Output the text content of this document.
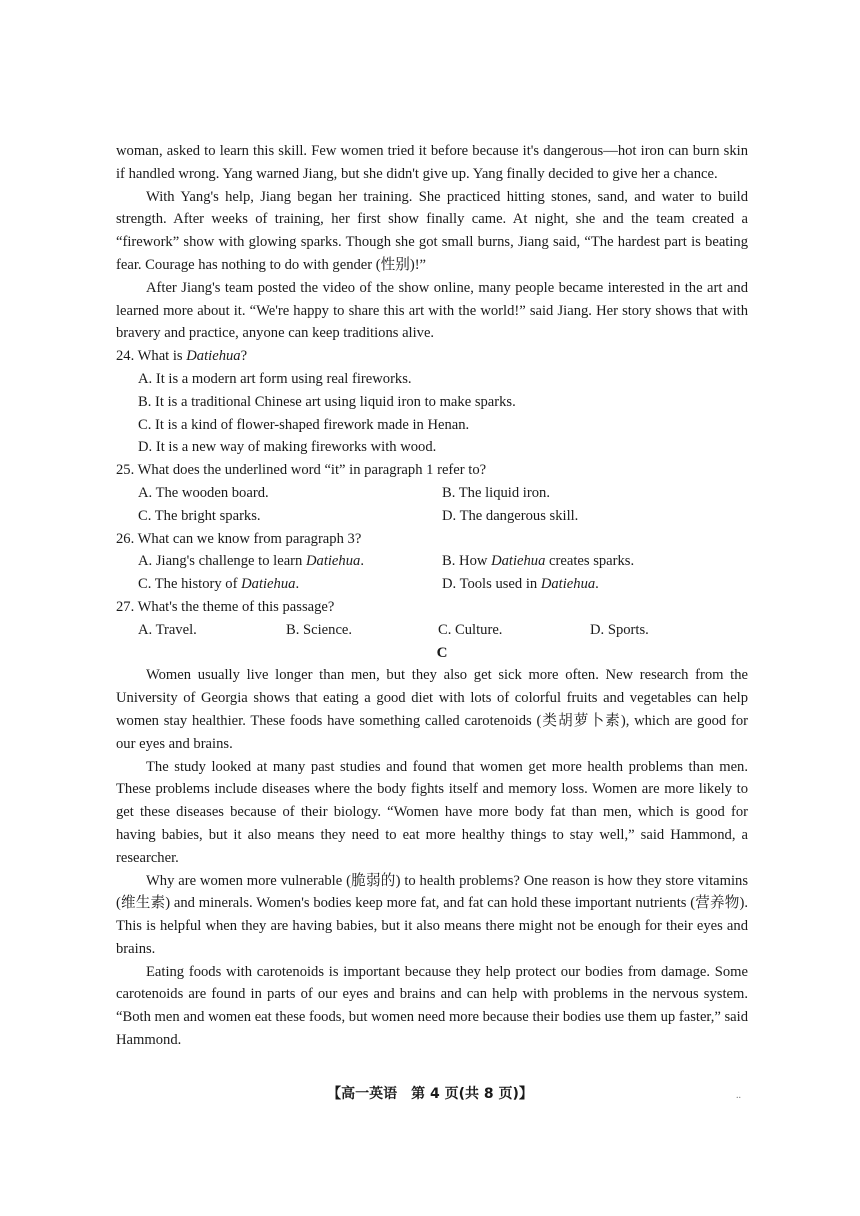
woman, asked to learn this skill. Few women tried it before because it's dangerous—hot iron can burn skin if handled wrong. Yang warned Jiang, but she didn't give up. Yang finally decided to give her a chance.

With Yang's help, Jiang began her training. She practiced hitting stones, sand, and water to build strength. After weeks of training, her first show finally came. At night, she and the team created a “firework” show with glowing sparks. Though she got small burns, Jiang said, “The hardest part is beating fear. Courage has nothing to do with gender (性别)!”

After Jiang's team posted the video of the show online, many people became interested in the art and learned more about it. “We're happy to share this art with the world!” said Jiang. Her story shows that with bravery and practice, anyone can keep traditions alive.

24. What is Datiehua?
A. It is a modern art form using real fireworks.
B. It is a traditional Chinese art using liquid iron to make sparks.
C. It is a kind of flower-shaped firework made in Henan.
D. It is a new way of making fireworks with wood.
25. What does the underlined word “it” in paragraph 1 refer to?
A. The wooden board.	B. The liquid iron.
C. The bright sparks.	D. The dangerous skill.
26. What can we know from paragraph 3?
A. Jiang's challenge to learn Datiehua.	B. How Datiehua creates sparks.
C. The history of Datiehua.	D. Tools used in Datiehua.
27. What's the theme of this passage?
A. Travel.	B. Science.	C. Culture.	D. Sports.
C

Women usually live longer than men, but they also get sick more often. New research from the University of Georgia shows that eating a good diet with lots of colorful fruits and vegetables can help women stay healthier. These foods have something called carotenoids (类胡萝卜素), which are good for our eyes and brains.

The study looked at many past studies and found that women get more health problems than men. These problems include diseases where the body fights itself and memory loss. Women are more likely to get these diseases because of their biology. “Women have more body fat than men, which is good for having babies, but it also means they need to eat more healthy things to stay well,” said Hammond, a researcher.

Why are women more vulnerable (脆弱的) to health problems? One reason is how they store vitamins (维生素) and minerals. Women's bodies keep more fat, and fat can hold these important nutrients (营养物). This is helpful when they are having babies, but it also means there might not be enough for their eyes and brains.

Eating foods with carotenoids is important because they help protect our bodies from damage. Some carotenoids are found in parts of our eyes and brains and can help with problems in the nervous system. “Both men and women eat these foods, but women need more because their bodies use them up faster,” said Hammond.

【高一英语　第 4 页(共 8 页)】	..
